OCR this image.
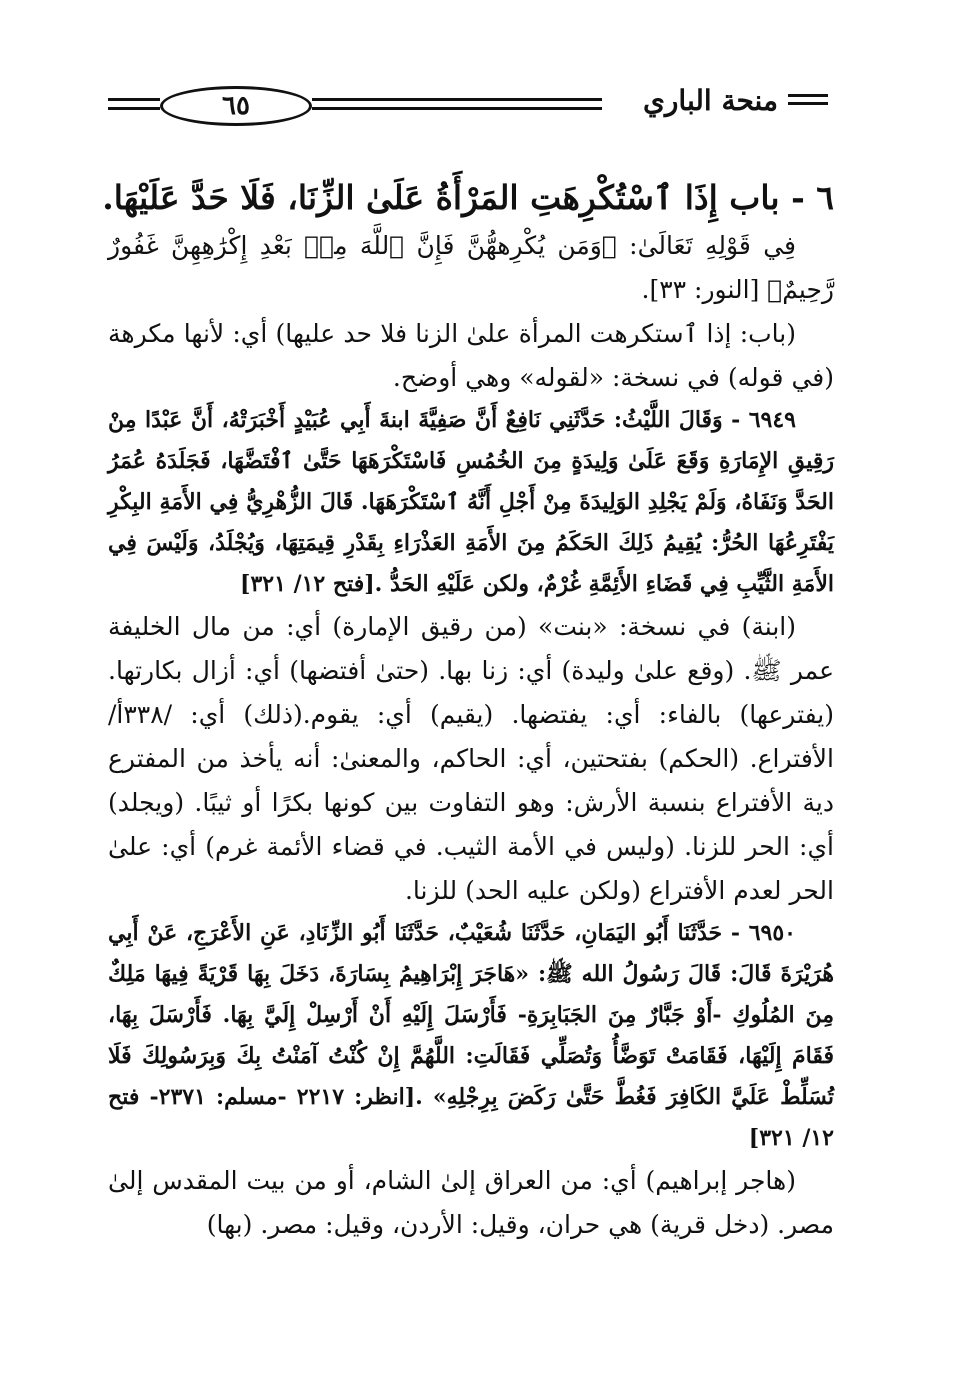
٦٥	منحة الباري

٦ - باب إِذَا ٱسْتُكْرِهَتِ المَرْأَةُ عَلَىٰ الزِّنَا، فَلَا حَدَّ عَلَيْهَا.

فِي قَوْلِهِ تَعَالَىٰ: ﴿وَمَن يُكْرِههُّنَّ فَإِنَّ ٱللَّهَ مِنۢ بَعْدِ إِكْرَٰهِهِنَّ غَفُورٌ رَّحِيمٌ﴾ [النور: ٣٣].

(باب: إذا ٱستكرهت المرأة علىٰ الزنا فلا حد عليها) أي: لأنها مكرهة (في قوله) في نسخة: «لقوله» وهي أوضح.

٦٩٤٩ - وَقَالَ اللَّيْثُ: حَدَّثَنِي نَافِعٌ أَنَّ صَفِيَّةَ ابنةَ أَبِي عُبَيْدٍ أَخْبَرَتْهُ، أَنَّ عَبْدًا مِنْ رَقِيقِ الإِمَارَةِ وَقَعَ عَلَىٰ وَلِيدَةٍ مِنَ الخُمُسِ فَاسْتَكْرَهَهَا حَتَّىٰ ٱفْتَضَّهَا، فَجَلَدَهُ عُمَرُ الحَدَّ وَنَفَاهُ، وَلَمْ يَجْلِدِ الوَلِيدَةَ مِنْ أَجْلِ أَنَّهُ ٱسْتَكْرَهَهَا. قَالَ الزُّهْرِيُّ فِي الأَمَةِ البِكْرِ يَفْتَرِعُهَا الحُرُّ: يُقِيمُ ذَلِكَ الحَكَمُ مِنَ الأَمَةِ العَذْرَاءِ بِقَدْرِ قِيمَتِهَا، وَيُجْلَدُ، وَلَيْسَ فِي الأَمَةِ الثَّيِّبِ فِي قَضَاءِ الأَئِمَّةِ غُرْمٌ، ولكن عَلَيْهِ الحَدُّ .[فتح ١٢/ ٣٢١]

(ابنة) في نسخة: «بنت» (من رقيق الإمارة) أي: من مال الخليفة عمر ﷺ. (وقع علىٰ وليدة) أي: زنا بها. (حتىٰ أفتضها) أي: أزال بكارتها. (يفترعها) بالفاء: أي: يفتضها. (يقيم) أي: يقوم.(ذلك) أي: /٣٣٨أ/ الأفتراع. (الحكم) بفتحتين، أي: الحاكم، والمعنىٰ: أنه يأخذ من المفترع دية الأفتراع بنسبة الأرش: وهو التفاوت بين كونها بكرًا أو ثيبًا. (ويجلد) أي: الحر للزنا. (وليس في الأمة الثيب. في قضاء الأئمة غرم) أي: علىٰ الحر لعدم الأفتراع (ولكن عليه الحد) للزنا.

٦٩٥٠ - حَدَّثَنَا أَبُو اليَمَانِ، حَدَّثَنَا شُعَيْبٌ، حَدَّثَنَا أَبُو الزِّنَادِ، عَنِ الأَعْرَجِ، عَنْ أَبِي هُرَيْرَةَ قَالَ: قَالَ رَسُولُ الله ﷺ: «هَاجَرَ إِبْرَاهِيمُ بِسَارَةَ، دَخَلَ بِهَا قَرْيَةً فِيهَا مَلِكٌ مِنَ المُلُوكِ -أَوْ جَبَّارٌ مِنَ الجَبَابِرَةِ- فَأَرْسَلَ إِلَيْهِ أَنْ أَرْسِلْ إِلَيَّ بِهَا. فَأَرْسَلَ بِهَا، فَقَامَ إِلَيْهَا، فَقَامَتْ تَوَضَّأُ وَتُصَلِّي فَقَالَتِ: اللَّهُمَّ إِنْ كُنْتُ آمَنْتُ بِكَ وَبِرَسُولِكَ فَلَا تُسَلِّطْ عَلَيَّ الكَافِرَ فَغُطَّ حَتَّىٰ رَكَضَ بِرِجْلِهِ» .[انظر: ٢٢١٧ -مسلم: ٢٣٧١- فتح ١٢/ ٣٢١]

(هاجر إبراهيم) أي: من العراق إلىٰ الشام، أو من بيت المقدس إلىٰ مصر. (دخل قرية) هي حران، وقيل: الأردن، وقيل: مصر. (بها)
